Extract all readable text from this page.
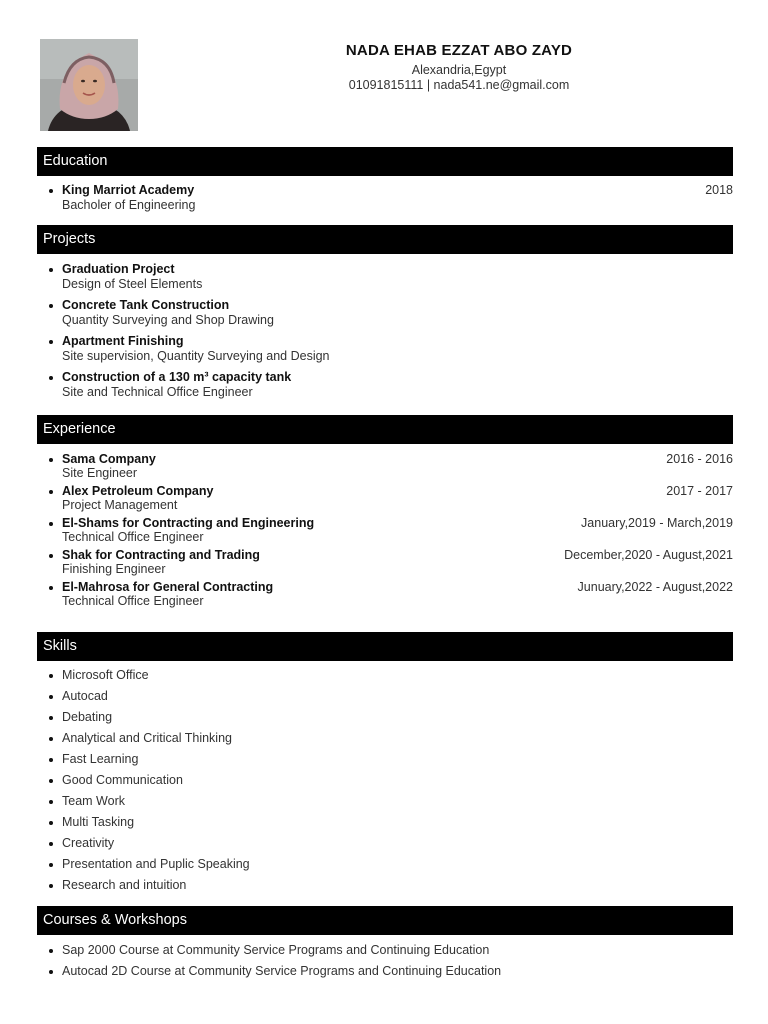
NADA EHAB EZZAT ABO ZAYD
Alexandria,Egypt
01091815111 | nada541.ne@gmail.com
Education
King Marriot Academy
Bacholer of Engineering
2018
Projects
Graduation Project
Design of Steel Elements
Concrete Tank Construction
Quantity Surveying and Shop Drawing
Apartment Finishing
Site supervision, Quantity Surveying and Design
Construction of a 130 m³ capacity tank
Site and Technical Office Engineer
Experience
Sama Company
Site Engineer
2016 - 2016
Alex Petroleum Company
Project Management
2017 - 2017
El-Shams for Contracting and Engineering
Technical Office Engineer
January,2019 - March,2019
Shak for Contracting and Trading
Finishing Engineer
December,2020 - August,2021
El-Mahrosa for General Contracting
Technical Office Engineer
Junuary,2022 - August,2022
Skills
Microsoft Office
Autocad
Debating
Analytical and Critical Thinking
Fast Learning
Good Communication
Team Work
Multi Tasking
Creativity
Presentation and Puplic Speaking
Research and intuition
Courses & Workshops
Sap 2000 Course at Community Service Programs and Continuing Education
Autocad 2D Course at Community Service Programs and Continuing Education
